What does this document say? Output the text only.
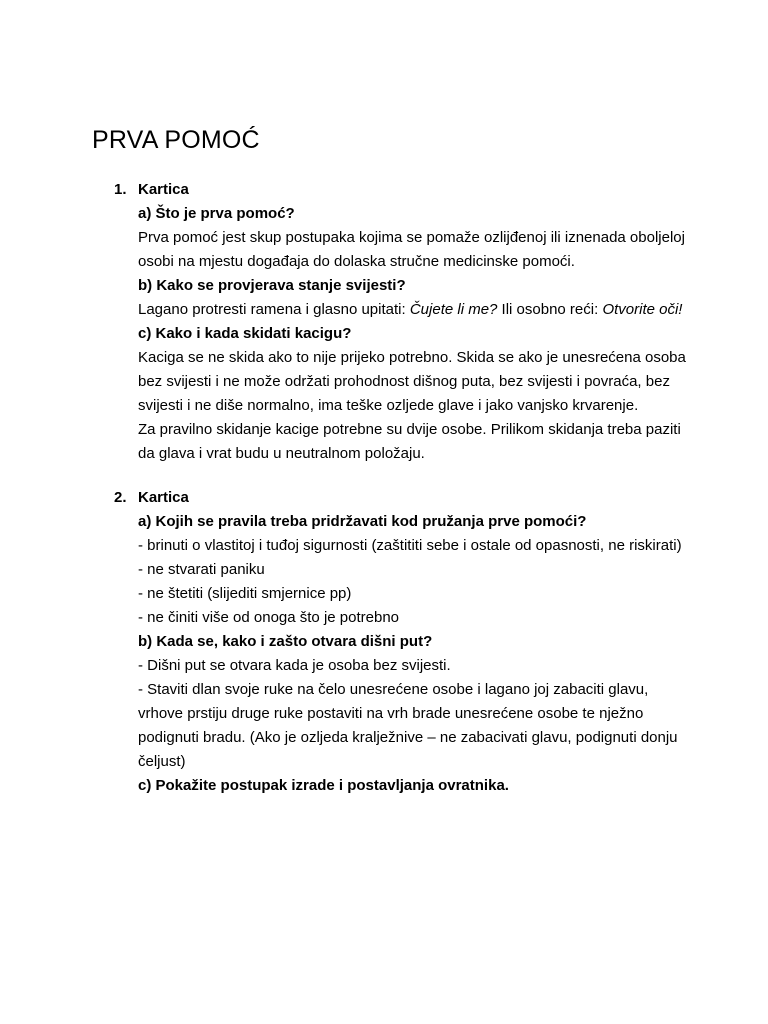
PRVA POMOĆ
1. Kartica
a) Što je prva pomoć?
Prva pomoć jest skup postupaka kojima se pomaže ozlijđenoj ili iznenada oboljeloj osobi na mjestu događaja do dolaska stručne medicinske pomoći.
b) Kako se provjerava stanje svijesti?
Lagano protresti ramena i glasno upitati: Čujete li me? Ili osobno reći: Otvorite oči!
c) Kako i kada skidati kacigu?
Kaciga se ne skida ako to nije prijeko potrebno. Skida se ako je unesrećena osoba bez svijesti i ne može održati prohodnost dišnog puta, bez svijesti i povraća, bez svijesti i ne diše normalno, ima teške ozljede glave i jako vanjsko krvarenje.
Za pravilno skidanje kacige potrebne su dvije osobe. Prilikom skidanja treba paziti da glava i vrat budu u neutralnom položaju.
2. Kartica
a) Kojih se pravila treba pridržavati kod pružanja prve pomoći?
- brinuti o vlastitoj i tuđoj sigurnosti (zaštititi sebe i ostale od opasnosti, ne riskirati)
- ne stvarati paniku
- ne štetiti (slijediti smjernice pp)
- ne činiti više od onoga što je potrebno
b) Kada se, kako i zašto otvara dišni put?
- Dišni put se otvara kada je osoba bez svijesti.
- Staviti dlan svoje ruke na čelo unesrećene osobe i lagano joj zabaciti glavu, vrhove prstiju druge ruke postaviti na vrh brade unesrećene osobe te nježno podignuti bradu. (Ako je ozljeda kralježnive – ne zabacivati glavu, podignuti donju čeljust)
c) Pokažite postupak izrade i postavljanja ovratnika.
